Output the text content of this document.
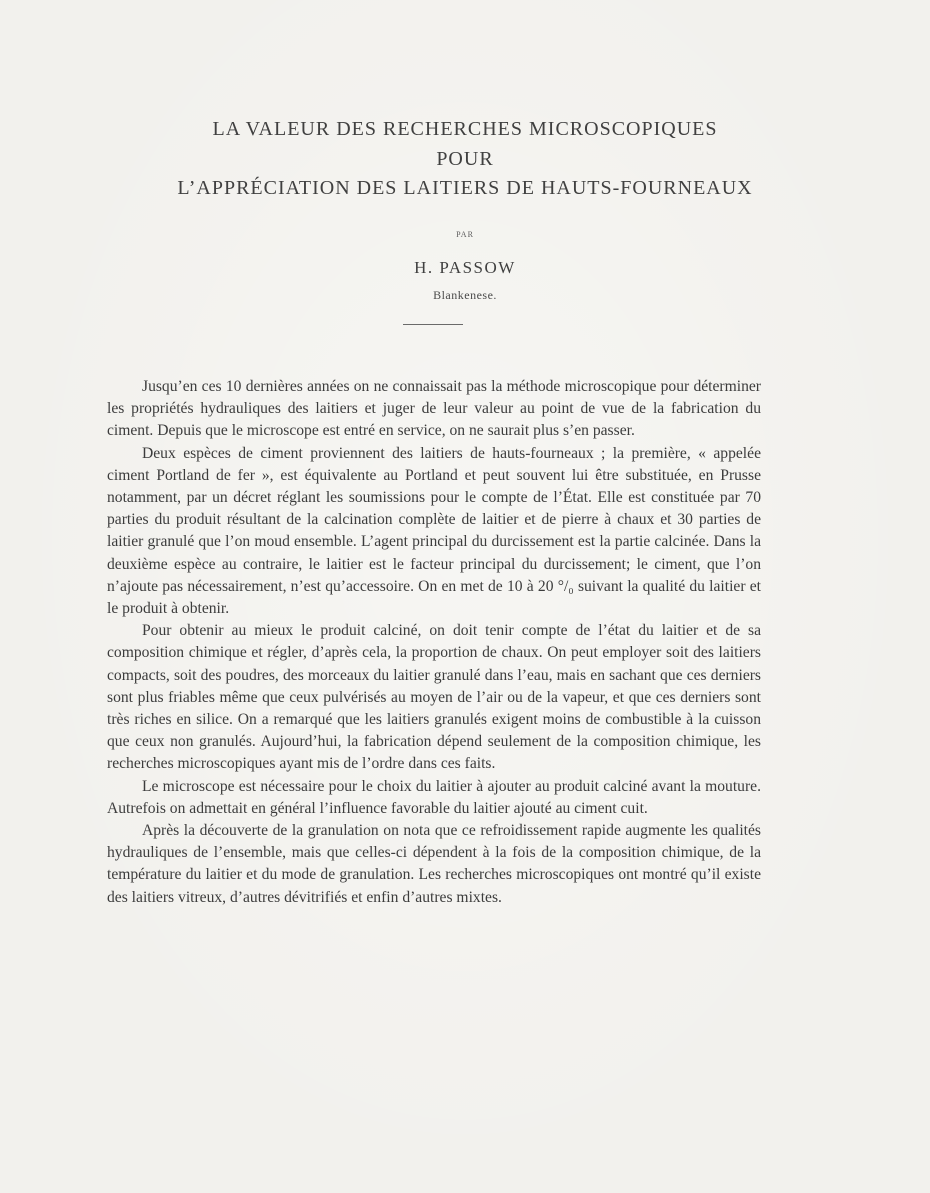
LA VALEUR DES RECHERCHES MICROSCOPIQUES
POUR
L’APPRÉCIATION DES LAITIERS DE HAUTS-FOURNEAUX
PAR
H. PASSOW
Blankenese.

Jusqu’en ces 10 dernières années on ne connaissait pas la méthode microscopique pour déterminer les propriétés hydrauliques des laitiers et juger de leur valeur au point de vue de la fabrication du ciment. Depuis que le microscope est entré en service, on ne saurait plus s’en passer.

Deux espèces de ciment proviennent des laitiers de hauts-fourneaux ; la première, « appelée ciment Portland de fer », est équivalente au Portland et peut souvent lui être substituée, en Prusse notamment, par un décret réglant les soumissions pour le compte de l’État. Elle est constituée par 70 parties du produit résultant de la calcination complète de laitier et de pierre à chaux et 30 parties de laitier granulé que l’on moud ensemble. L’agent principal du durcissement est la partie calcinée. Dans la deuxième espèce au contraire, le laitier est le facteur principal du durcissement; le ciment, que l’on n’ajoute pas nécessairement, n’est qu’accessoire. On en met de 10 à 20 °/₀ suivant la qualité du laitier et le produit à obtenir.

Pour obtenir au mieux le produit calciné, on doit tenir compte de l’état du laitier et de sa composition chimique et régler, d’après cela, la proportion de chaux. On peut employer soit des laitiers compacts, soit des poudres, des morceaux du laitier granulé dans l’eau, mais en sachant que ces derniers sont plus friables même que ceux pulvérisés au moyen de l’air ou de la vapeur, et que ces derniers sont très riches en silice. On a remarqué que les laitiers granulés exigent moins de combustible à la cuisson que ceux non granulés. Aujourd’hui, la fabrication dépend seulement de la composition chimique, les recherches microscopiques ayant mis de l’ordre dans ces faits.

Le microscope est nécessaire pour le choix du laitier à ajouter au produit calciné avant la mouture. Autrefois on admettait en général l’influence favorable du laitier ajouté au ciment cuit.

Après la découverte de la granulation on nota que ce refroidissement rapide augmente les qualités hydrauliques de l’ensemble, mais que celles-ci dépendent à la fois de la composition chimique, de la température du laitier et du mode de granulation. Les recherches microscopiques ont montré qu’il existe des laitiers vitreux, d’autres dévitrifiés et enfin d’autres mixtes.
